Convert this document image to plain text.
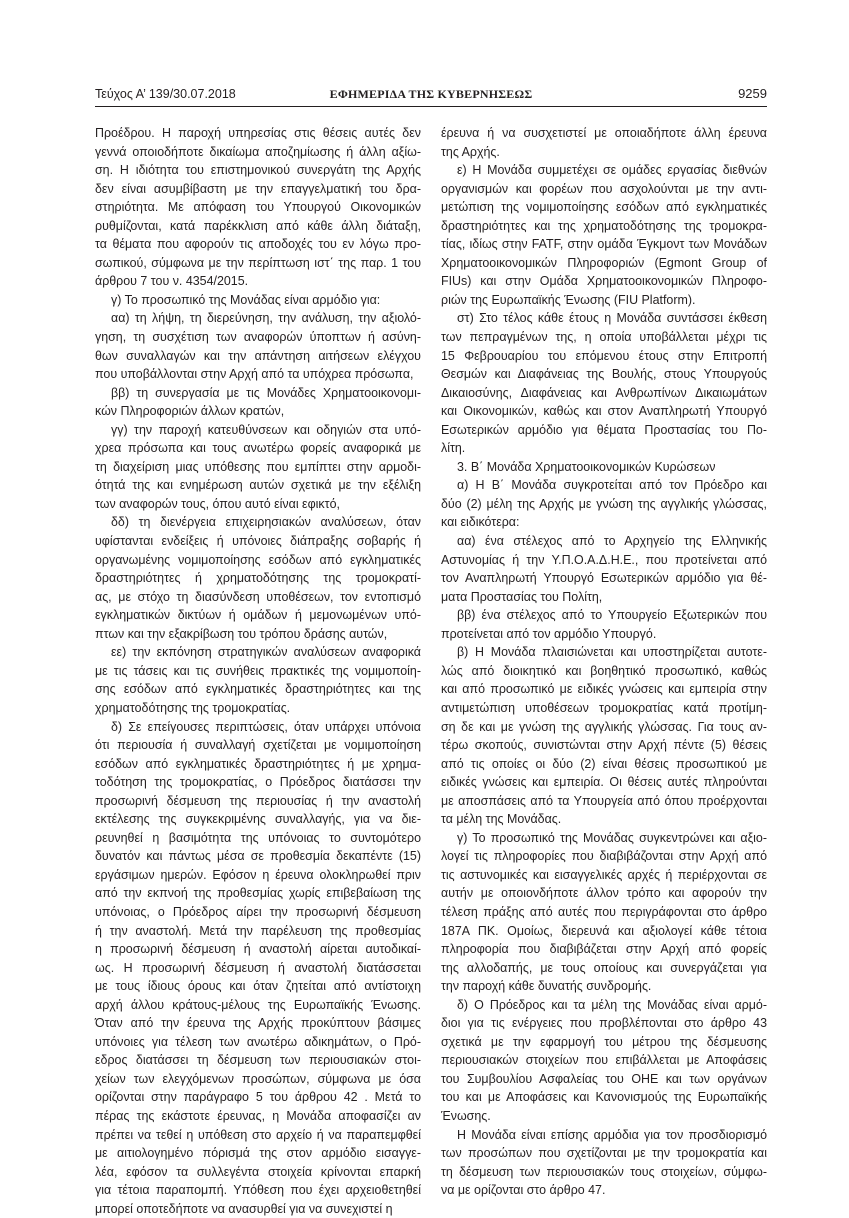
Τεύχος Α’ 139/30.07.2018	ΕΦΗΜΕΡΙΔΑ ΤΗΣ ΚΥΒΕΡΝΗΣΕΩΣ	9259

Προέδρου. Η παροχή υπηρεσίας στις θέσεις αυτές δεν

γεννά οποιοδήποτε δικαίωμα αποζημίωσης ή άλλη αξίω-

ση. Η ιδιότητα του επιστημονικού συνεργάτη της Αρχής

δεν είναι ασυμβίβαστη με την επαγγελματική του δρα-

στηριότητα. Με απόφαση του Υπουργού Οικονομικών

ρυθμίζονται, κατά παρέκκλιση από κάθε άλλη διάταξη,

τα θέματα που αφορούν τις αποδοχές του εν λόγω προ-

σωπικού, σύμφωνα με την περίπτωση ιστ΄ της παρ. 1 του

άρθρου 7 του ν. 4354/2015.

γ) Το προσωπικό της Μονάδας είναι αρμόδιο για:

αα) τη λήψη, τη διερεύνηση, την ανάλυση, την αξιολό-

γηση, τη συσχέτιση των αναφορών ύποπτων ή ασύνη-

θων συναλλαγών και την απάντηση αιτήσεων ελέγχου

που υποβάλλονται στην Αρχή από τα υπόχρεα πρόσωπα,

ββ) τη συνεργασία με τις Μονάδες Χρηματοοικονομι-

κών Πληροφοριών άλλων κρατών,

γγ) την παροχή κατευθύνσεων και οδηγιών στα υπό-

χρεα πρόσωπα και τους ανωτέρω φορείς αναφορικά με

τη διαχείριση μιας υπόθεσης που εμπίπτει στην αρμοδι-

ότητά της και ενημέρωση αυτών σχετικά με την εξέλιξη

των αναφορών τους, όπου αυτό είναι εφικτό,

δδ) τη διενέργεια επιχειρησιακών αναλύσεων, όταν

υφίστανται ενδείξεις ή υπόνοιες διάπραξης σοβαρής ή

οργανωμένης νομιμοποίησης εσόδων από εγκληματικές

δραστηριότητες ή χρηματοδότησης της τρομοκρατί-

ας, με στόχο τη διασύνδεση υποθέσεων, τον εντοπισμό

εγκληματικών δικτύων ή ομάδων ή μεμονωμένων υπό-

πτων και την εξακρίβωση του τρόπου δράσης αυτών,

εε) την εκπόνηση στρατηγικών αναλύσεων αναφορικά

με τις τάσεις και τις συνήθεις πρακτικές της νομιμοποίη-

σης εσόδων από εγκληματικές δραστηριότητες και της

χρηματοδότησης της τρομοκρατίας.

δ) Σε επείγουσες περιπτώσεις, όταν υπάρχει υπόνοια

ότι περιουσία ή συναλλαγή σχετίζεται με νομιμοποίηση

εσόδων από εγκληματικές δραστηριότητες ή με χρημα-

τοδότηση της τρομοκρατίας, ο Πρόεδρος διατάσσει την

προσωρινή δέσμευση της περιουσίας ή την αναστολή

εκτέλεσης της συγκεκριμένης συναλλαγής, για να διε-

ρευνηθεί η βασιμότητα της υπόνοιας το συντομότερο

δυνατόν και πάντως μέσα σε προθεσμία δεκαπέντε (15)

εργάσιμων ημερών. Εφόσον η έρευνα ολοκληρωθεί πριν

από την εκπνοή της προθεσμίας χωρίς επιβεβαίωση της

υπόνοιας, ο Πρόεδρος αίρει την προσωρινή δέσμευση

ή την αναστολή. Μετά την παρέλευση της προθεσμίας

η προσωρινή δέσμευση ή αναστολή αίρεται αυτοδικαί-

ως. Η προσωρινή δέσμευση ή αναστολή διατάσσεται

με τους ίδιους όρους και όταν ζητείται από αντίστοιχη

αρχή άλλου κράτους-μέλους της Ευρωπαϊκής Ένωσης.

Όταν από την έρευνα της Αρχής προκύπτουν βάσιμες

υπόνοιες για τέλεση των ανωτέρω αδικημάτων, ο Πρό-

εδρος διατάσσει τη δέσμευση των περιουσιακών στοι-

χείων των ελεγχόμενων προσώπων, σύμφωνα με όσα

ορίζονται στην παράγραφο 5 του άρθρου 42 . Μετά το

πέρας της εκάστοτε έρευνας, η Μονάδα αποφασίζει αν

πρέπει να τεθεί η υπόθεση στο αρχείο ή να παραπεμφθεί

με αιτιολογημένο πόρισμά της στον αρμόδιο εισαγγε-

λέα, εφόσον τα συλλεγέντα στοιχεία κρίνονται επαρκή

για τέτοια παραπομπή. Υπόθεση που έχει αρχειοθετηθεί

μπορεί οποτεδήποτε να ανασυρθεί για να συνεχιστεί η

έρευνα ή να συσχετιστεί με οποιαδήποτε άλλη έρευνα

της Αρχής.

ε) Η Μονάδα συμμετέχει σε ομάδες εργασίας διεθνών

οργανισμών και φορέων που ασχολούνται με την αντι-

μετώπιση της νομιμοποίησης εσόδων από εγκληματικές

δραστηριότητες και της χρηματοδότησης της τρομοκρα-

τίας, ιδίως στην FATF, στην ομάδα Έγκμοντ των Μονάδων

Χρηματοοικονομικών Πληροφοριών (Egmont Group of

FIUs) και στην Ομάδα Χρηματοοικονομικών Πληροφο-

ριών της Ευρωπαϊκής Ένωσης (FIU Platform).

στ) Στο τέλος κάθε έτους η Μονάδα συντάσσει έκθεση

των πεπραγμένων της, η οποία υποβάλλεται μέχρι τις

15 Φεβρουαρίου του επόμενου έτους στην Επιτροπή

Θεσμών και Διαφάνειας της Βουλής, στους Υπουργούς

Δικαιοσύνης, Διαφάνειας και Ανθρωπίνων Δικαιωμάτων

και Οικονομικών, καθώς και στον Αναπληρωτή Υπουργό

Εσωτερικών αρμόδιο για θέματα Προστασίας του Πο-

λίτη.

3. Β΄ Μονάδα Χρηματοοικονομικών Κυρώσεων

α) Η Β΄ Μονάδα συγκροτείται από τον Πρόεδρο και

δύο (2) μέλη της Αρχής με γνώση της αγγλικής γλώσσας,

και ειδικότερα:

αα) ένα στέλεχος από το Αρχηγείο της Ελληνικής

Αστυνομίας ή την Υ.Π.Ο.Α.Δ.Η.Ε., που προτείνεται από

τον Αναπληρωτή Υπουργό Εσωτερικών αρμόδιο για θέ-

ματα Προστασίας του Πολίτη,

ββ) ένα στέλεχος από το Υπουργείο Εξωτερικών που

προτείνεται από τον αρμόδιο Υπουργό.

β) Η Μονάδα πλαισιώνεται και υποστηρίζεται αυτοτε-

λώς από διοικητικό και βοηθητικό προσωπικό, καθώς

και από προσωπικό με ειδικές γνώσεις και εμπειρία στην

αντιμετώπιση υποθέσεων τρομοκρατίας κατά προτίμη-

ση δε και με γνώση της αγγλικής γλώσσας. Για τους αν-

τέρω σκοπούς, συνιστώνται στην Αρχή πέντε (5) θέσεις

από τις οποίες οι δύο (2) είναι θέσεις προσωπικού με

ειδικές γνώσεις και εμπειρία. Οι θέσεις αυτές πληρούνται

με αποσπάσεις από τα Υπουργεία από όπου προέρχονται

τα μέλη της Μονάδας.

γ) Το προσωπικό της Μονάδας συγκεντρώνει και αξιο-

λογεί τις πληροφορίες που διαβιβάζονται στην Αρχή από

τις αστυνομικές και εισαγγελικές αρχές ή περιέρχονται σε

αυτήν με οποιονδήποτε άλλον τρόπο και αφορούν την

τέλεση πράξης από αυτές που περιγράφονται στο άρθρο

187Α ΠΚ. Ομοίως, διερευνά και αξιολογεί κάθε τέτοια

πληροφορία που διαβιβάζεται στην Αρχή από φορείς

της αλλοδαπής, με τους οποίους και συνεργάζεται για

την παροχή κάθε δυνατής συνδρομής.

δ) Ο Πρόεδρος και τα μέλη της Μονάδας είναι αρμό-

διοι για τις ενέργειες που προβλέπονται στο άρθρο 43

σχετικά με την εφαρμογή του μέτρου της δέσμευσης

περιουσιακών στοιχείων που επιβάλλεται με Αποφάσεις

του Συμβουλίου Ασφαλείας του ΟΗΕ και των οργάνων

του και με Αποφάσεις και Κανονισμούς της Ευρωπαϊκής

Ένωσης.

Η Μονάδα είναι επίσης αρμόδια για τον προσδιορισμό

των προσώπων που σχετίζονται με την τρομοκρατία και

τη δέσμευση των περιουσιακών τους στοιχείων, σύμφω-

να με ορίζονται στο άρθρο 47.
